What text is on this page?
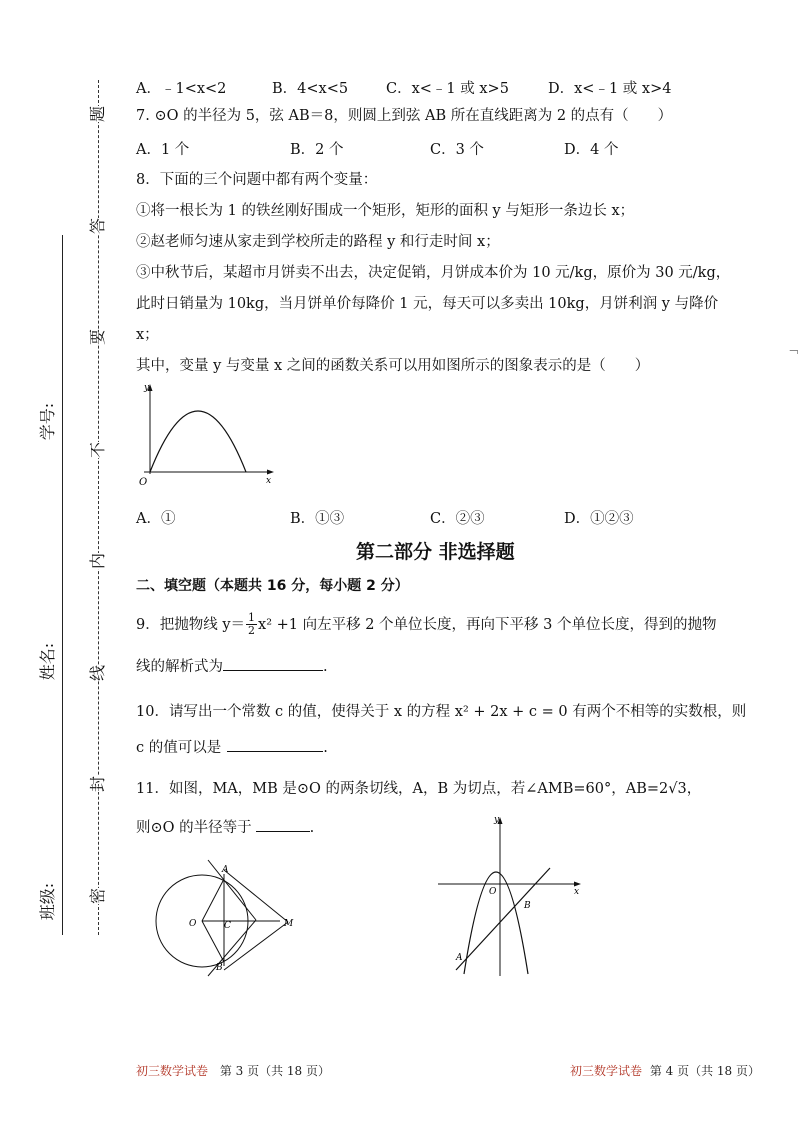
题
答
要
不
内
线
封
密
学号:
姓名:
班级:
「
A．﹣1<x<2	B．4<x<5	C．x<﹣1 或 x>5	D．x<﹣1 或 x>4
7. ⊙O 的半径为 5，弦 AB＝8，则圆上到弦 AB 所在直线距离为 2 的点有（　　）
A．1 个	B．2 个	C．3 个	D．4 个
8．下面的三个问题中都有两个变量：
①将一根长为 1 的铁丝刚好围成一个矩形，矩形的面积 y 与矩形一条边长 x；
②赵老师匀速从家走到学校所走的路程 y 和行走时间 x；
③中秋节后，某超市月饼卖不出去，决定促销，月饼成本价为 10 元/kg，原价为 30 元/kg，
此时日销量为 10kg，当月饼单价每降价 1 元，每天可以多卖出 10kg，月饼利润 y 与降价
x；
其中，变量 y 与变量 x 之间的函数关系可以用如图所示的图象表示的是（　　）
y
x
O
A．①	B．①③	C．②③	D．①②③
第二部分 非选择题
二、填空题（本题共 16 分，每小题 2 分）
9．把抛物线 $y= \frac{1}{2} x^2 +1$ 向左平移 2 个单位长度，再向下平移 3 个单位长度，得到的抛物
线的解析式为	.
10．请写出一个常数 c 的值，使得关于 x 的方程 x² + 2x + c = 0 有两个不相等的实数根，则
c 的值可以是	.
11．如图，MA，MB 是⊙O 的两条切线，A，B 为切点，若∠AMB=60°，AB=2√3，
则⊙O 的半径等于	.
A
B
C
O	M
y
x
O
A
B
初三数学试卷 第 3 页（共 18 页）	初三数学试卷 第 4 页（共 18 页）
